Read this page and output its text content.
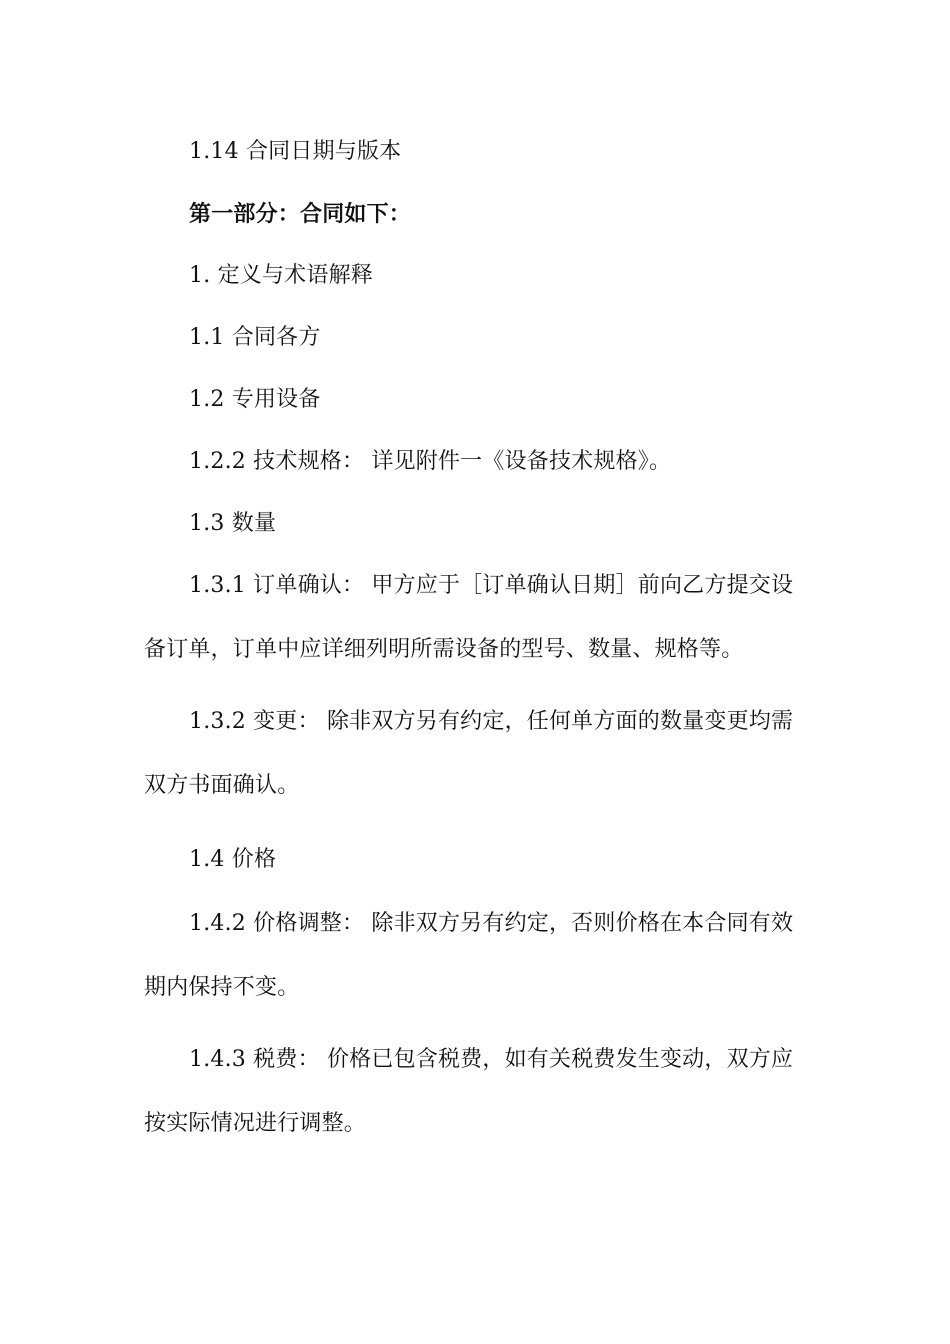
1.14 合同日期与版本

第一部分：合同如下：

1. 定义与术语解释

1.1 合同各方

1.2 专用设备

1.2.2 技术规格： 详见附件一《设备技术规格》。

1.3 数量

1.3.1 订单确认： 甲方应于［订单确认日期］前向乙方提交设备订单，订单中应详细列明所需设备的型号、数量、规格等。

1.3.2 变更： 除非双方另有约定，任何单方面的数量变更均需双方书面确认。

1.4 价格

1.4.2 价格调整： 除非双方另有约定，否则价格在本合同有效期内保持不变。

1.4.3 税费： 价格已包含税费，如有关税费发生变动，双方应按实际情况进行调整。
